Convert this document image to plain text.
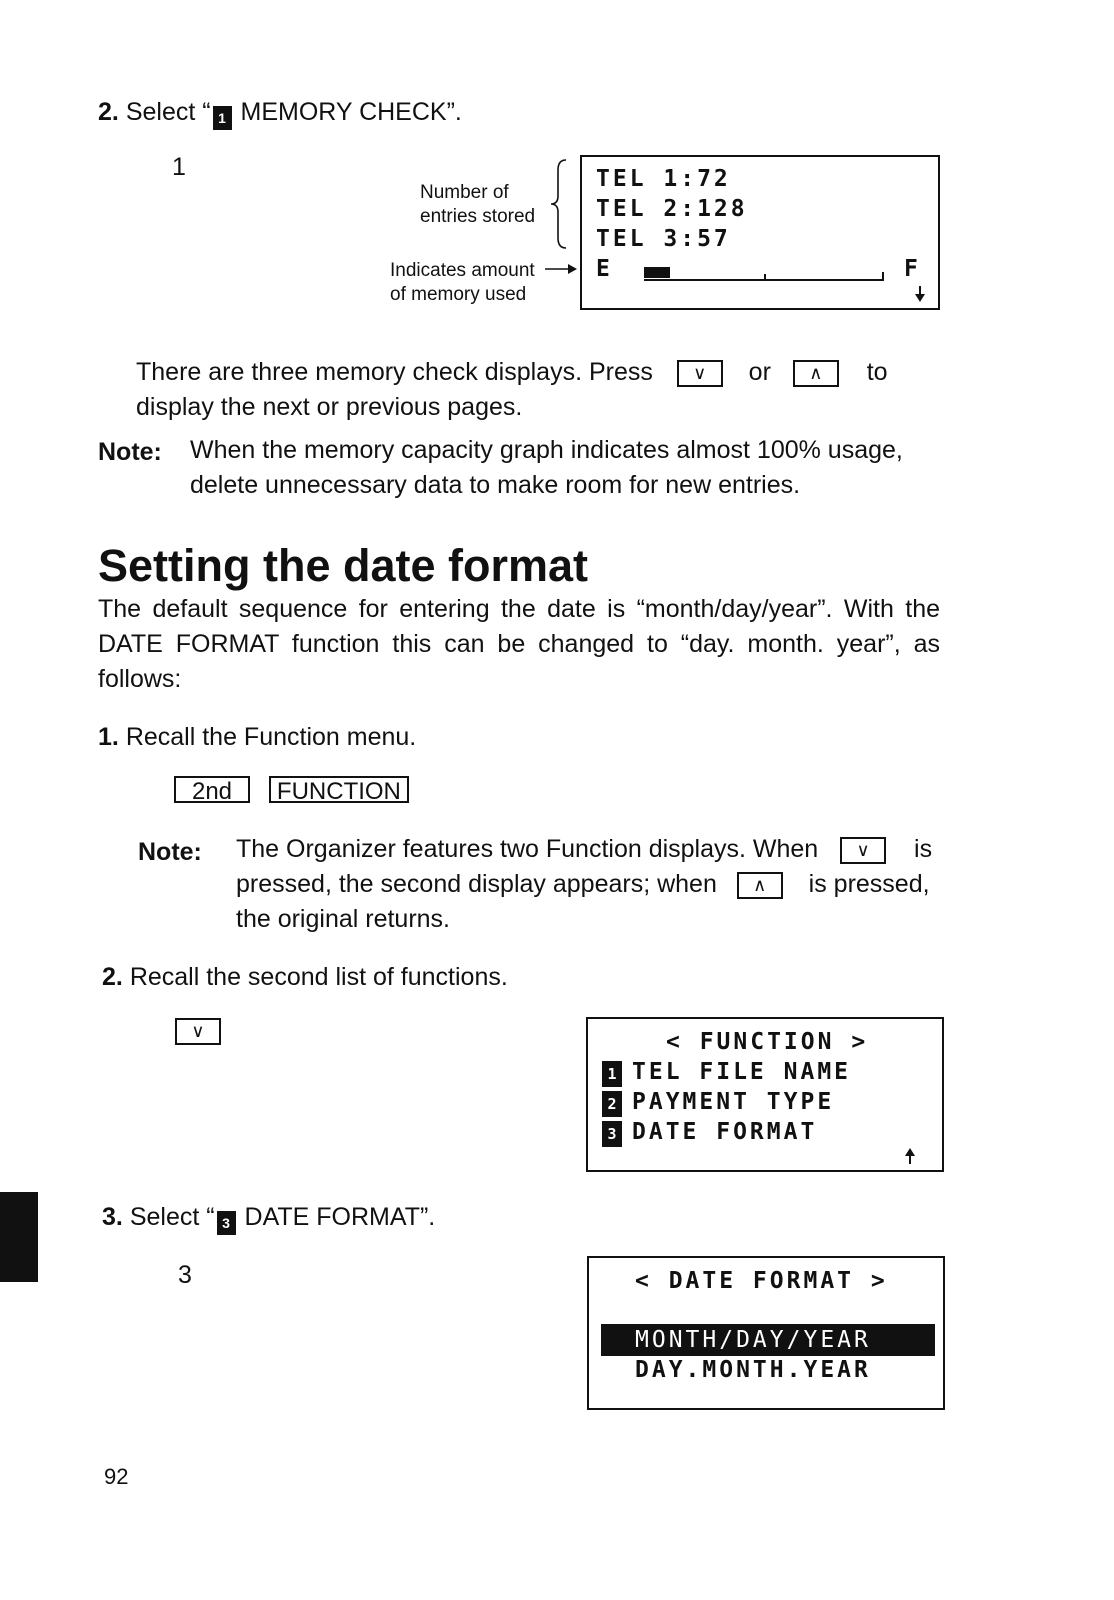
2. Select “ 1 MEMORY CHECK”.
1
Number of
entries stored
Indicates amount
of memory used
TEL 1:72
TEL 2:128
TEL 3:57
E	F
There are three memory check displays. Press ∨ or ∧ to
display the next or previous pages.
Note: When the memory capacity graph indicates almost 100% usage,
delete unnecessary data to make room for new entries.
Setting the date format
The default sequence for entering the date is “month/day/year”. With the
DATE FORMAT function this can be changed to “day. month. year”, as
follows:
1. Recall the Function menu.
2nd FUNCTION
Note: The Organizer features two Function displays. When ∨ is
pressed, the second display appears; when ∧ is pressed,
the original returns.
2. Recall the second list of functions.
∨	< FUNCTION >
1 TEL FILE NAME
2 PAYMENT TYPE
3 DATE FORMAT
3. Select “ 3 DATE FORMAT”.
3	< DATE FORMAT >
MONTH/DAY/YEAR
DAY.MONTH.YEAR
92
